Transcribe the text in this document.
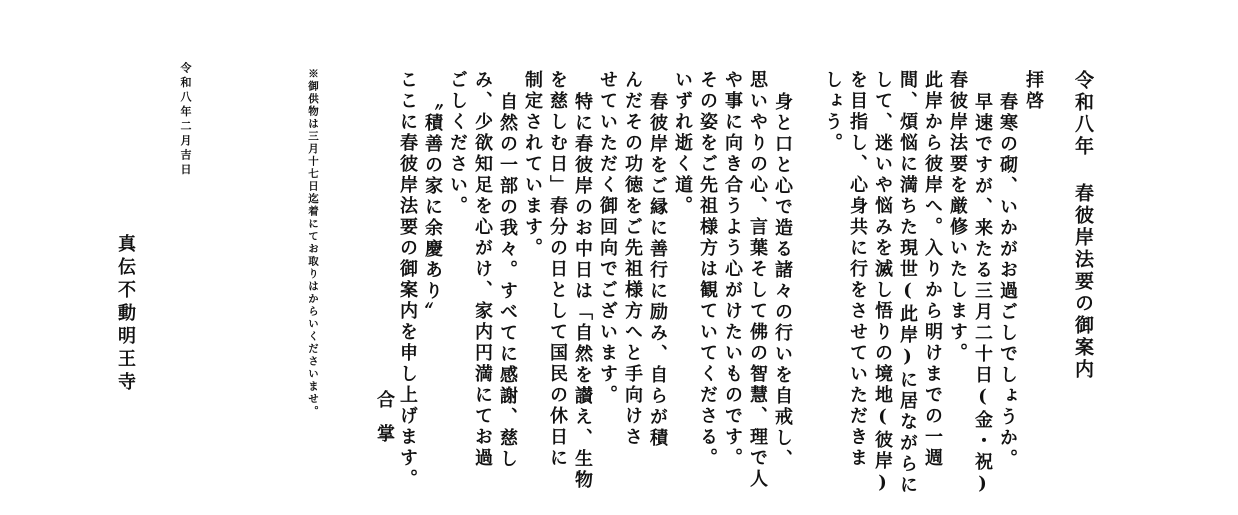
令和八年 春彼岸法要の御案内
拝啓
春寒の砌、いかがお過ごしでしょうか。
早速ですが、来たる三月二十日(金・祝)
春彼岸法要を厳修いたします。
此岸から彼岸へ。入りから明けまでの一週
間、煩悩に満ちた現世(此岸)に居ながらに
して、迷いや悩みを滅し悟りの境地(彼岸)
を目指し、心身共に行をさせていただきま
しょう。
身と口と心で造る諸々の行いを自戒し、
思いやりの心、言葉そして佛の智慧、理で人
や事に向き合うよう心がけたいものです。
その姿をご先祖様方は観ていてくださる。
いずれ逝く道。
春彼岸をご縁に善行に励み、自らが積
んだその功徳をご先祖様方へと手向けさ
せていただく御回向でございます。
特に春彼岸のお中日は「自然を讃え、生物
を慈しむ日」春分の日として国民の休日に
制定されています。
自然の一部の我々。すべてに感謝、慈し
み、少欲知足を心がけ、家内円満にてお過
ごしください。
〝積善の家に余慶あり〟
ここに春彼岸法要の御案内を申し上げます。
合掌
※御供物は三月十七日迄着にてお取りはからいくださいませ。
令和八年二月吉日
真伝不動明王寺
